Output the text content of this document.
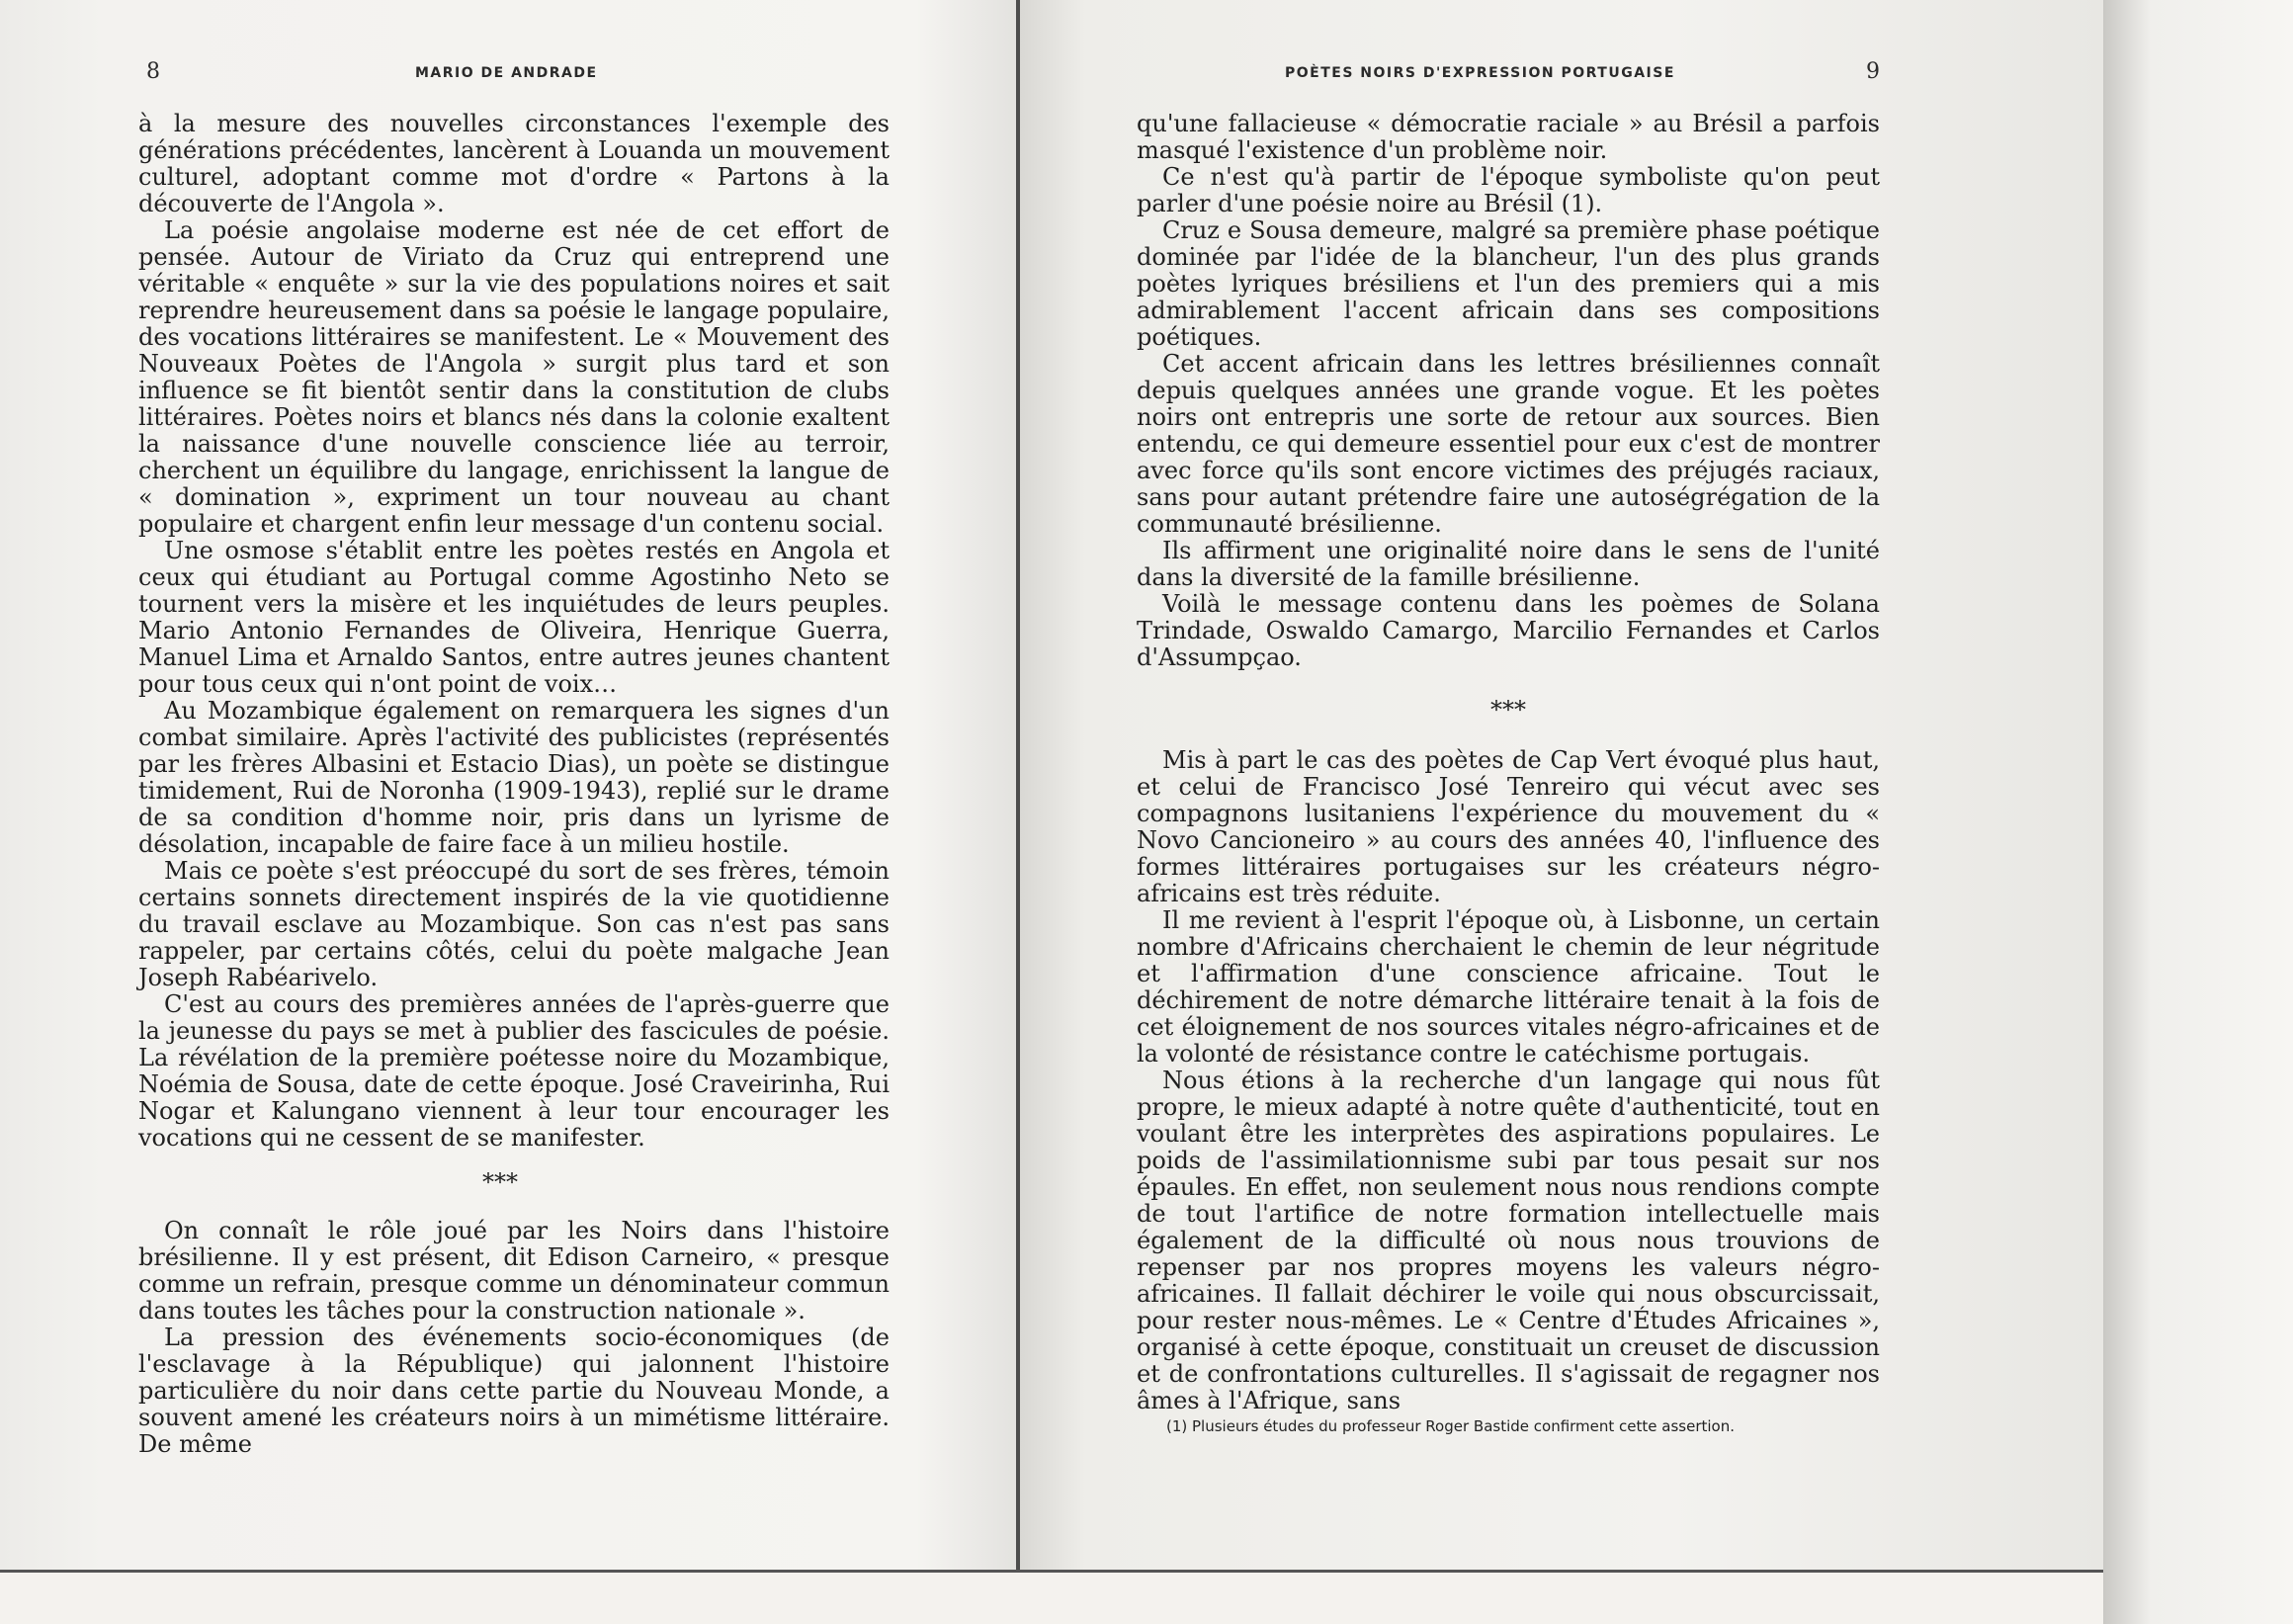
8	MARIO DE ANDRADE

à la mesure des nouvelles circonstances l'exemple des générations précédentes, lancèrent à Louanda un mouvement culturel, adoptant comme mot d'ordre « Partons à la découverte de l'Angola ».

La poésie angolaise moderne est née de cet effort de pensée. Autour de Viriato da Cruz qui entreprend une véritable « enquête » sur la vie des populations noires et sait reprendre heureusement dans sa poésie le langage populaire, des vocations littéraires se manifestent. Le « Mouvement des Nouveaux Poètes de l'Angola » surgit plus tard et son influence se fit bientôt sentir dans la constitution de clubs littéraires. Poètes noirs et blancs nés dans la colonie exaltent la naissance d'une nouvelle conscience liée au terroir, cherchent un équilibre du langage, enrichissent la langue de « domination », expriment un tour nouveau au chant populaire et chargent enfin leur message d'un contenu social.

Une osmose s'établit entre les poètes restés en Angola et ceux qui étudiant au Portugal comme Agostinho Neto se tournent vers la misère et les inquiétudes de leurs peuples. Mario Antonio Fernandes de Oliveira, Henrique Guerra, Manuel Lima et Arnaldo Santos, entre autres jeunes chantent pour tous ceux qui n'ont point de voix…

Au Mozambique également on remarquera les signes d'un combat similaire. Après l'activité des publicistes (représentés par les frères Albasini et Estacio Dias), un poète se distingue timidement, Rui de Noronha (1909-1943), replié sur le drame de sa condition d'homme noir, pris dans un lyrisme de désolation, incapable de faire face à un milieu hostile.

Mais ce poète s'est préoccupé du sort de ses frères, témoin certains sonnets directement inspirés de la vie quotidienne du travail esclave au Mozambique. Son cas n'est pas sans rappeler, par certains côtés, celui du poète malgache Jean Joseph Rabéarivelo.

C'est au cours des premières années de l'après-guerre que la jeunesse du pays se met à publier des fascicules de poésie. La révélation de la première poétesse noire du Mozambique, Noémia de Sousa, date de cette époque. José Craveirinha, Rui Nogar et Kalungano viennent à leur tour encourager les vocations qui ne cessent de se manifester.

***

On connaît le rôle joué par les Noirs dans l'histoire brésilienne. Il y est présent, dit Edison Carneiro, « presque comme un refrain, presque comme un dénominateur commun dans toutes les tâches pour la construction nationale ».

La pression des événements socio-économiques (de l'esclavage à la République) qui jalonnent l'histoire particulière du noir dans cette partie du Nouveau Monde, a souvent amené les créateurs noirs à un mimétisme littéraire. De même

POÈTES NOIRS D'EXPRESSION PORTUGAISE	9

qu'une fallacieuse « démocratie raciale » au Brésil a parfois masqué l'existence d'un problème noir.

Ce n'est qu'à partir de l'époque symboliste qu'on peut parler d'une poésie noire au Brésil (1).

Cruz e Sousa demeure, malgré sa première phase poétique dominée par l'idée de la blancheur, l'un des plus grands poètes lyriques brésiliens et l'un des premiers qui a mis admirablement l'accent africain dans ses compositions poétiques.

Cet accent africain dans les lettres brésiliennes connaît depuis quelques années une grande vogue. Et les poètes noirs ont entrepris une sorte de retour aux sources. Bien entendu, ce qui demeure essentiel pour eux c'est de montrer avec force qu'ils sont encore victimes des préjugés raciaux, sans pour autant prétendre faire une autoségrégation de la communauté brésilienne.

Ils affirment une originalité noire dans le sens de l'unité dans la diversité de la famille brésilienne.

Voilà le message contenu dans les poèmes de Solana Trindade, Oswaldo Camargo, Marcilio Fernandes et Carlos d'Assumpçao.

***

Mis à part le cas des poètes de Cap Vert évoqué plus haut, et celui de Francisco José Tenreiro qui vécut avec ses compagnons lusitaniens l'expérience du mouvement du « Novo Cancioneiro » au cours des années 40, l'influence des formes littéraires portugaises sur les créateurs négro-africains est très réduite.

Il me revient à l'esprit l'époque où, à Lisbonne, un certain nombre d'Africains cherchaient le chemin de leur négritude et l'affirmation d'une conscience africaine. Tout le déchirement de notre démarche littéraire tenait à la fois de cet éloignement de nos sources vitales négro-africaines et de la volonté de résistance contre le catéchisme portugais.

Nous étions à la recherche d'un langage qui nous fût propre, le mieux adapté à notre quête d'authenticité, tout en voulant être les interprètes des aspirations populaires. Le poids de l'assimilationnisme subi par tous pesait sur nos épaules. En effet, non seulement nous nous rendions compte de tout l'artifice de notre formation intellectuelle mais également de la difficulté où nous nous trouvions de repenser par nos propres moyens les valeurs négro-africaines. Il fallait déchirer le voile qui nous obscurcissait, pour rester nous-mêmes. Le « Centre d'Études Africaines », organisé à cette époque, constituait un creuset de discussion et de confrontations culturelles. Il s'agissait de regagner nos âmes à l'Afrique, sans

(1) Plusieurs études du professeur Roger Bastide confirment cette assertion.
